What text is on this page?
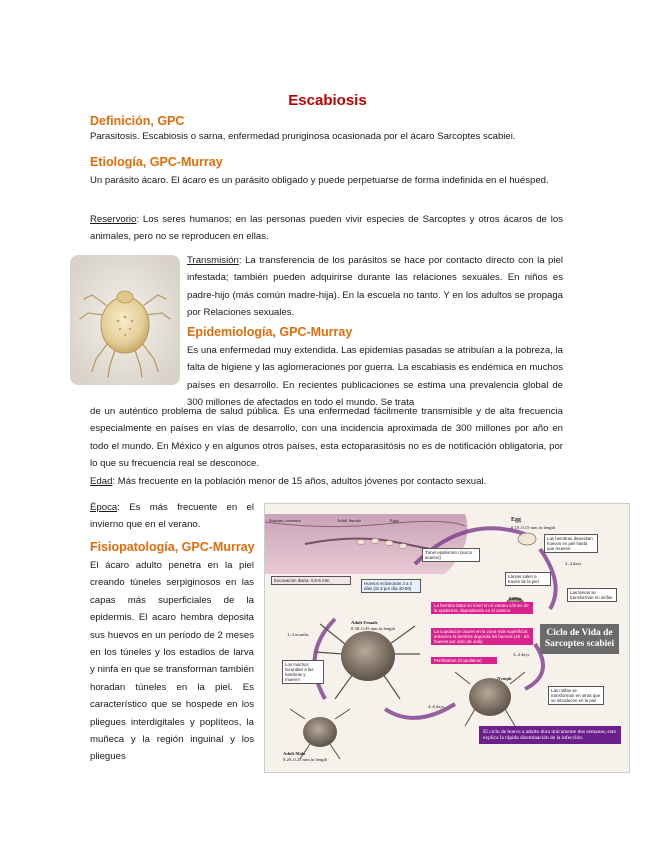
Escabiosis
Definición, GPC

Parasitosis. Escabiosis o sarna, enfermedad pruriginosa ocasionada por el ácaro Sarcoptes scabiei.

Etiología, GPC-Murray

Un parásito ácaro. El ácaro es un parásito obligado y puede perpetuarse de forma indefinida en el huésped.

Reservorio: Los seres humanos; en las personas pueden vivir especies de Sarcoptes y otros ácaros de los animales, pero no se reproducen en ellas.

Transmisión: La transferencia de los parásitos se hace por contacto directo con la piel infestada; también pueden adquirirse durante las relaciones sexuales. En niños es padre-hijo (más común madre-hija). En la escuela no tanto. Y en los adultos se propaga por Relaciones sexuales.

Epidemiología, GPC-Murray

Es una enfermedad muy extendida. Las epidemias pasadas se atribuían a la pobreza, la falta de higiene y las aglomeraciones por guerra. La escabiasis es endémica en muchos países en desarrollo. En recientes publicaciones se estima una prevalencia global de 300 millones de afectados en todo el mundo. Se trata

de un auténtico problema de salud pública. Es una enfermedad fácilmente transmisible y de alta frecuencia especialmente en países en vías de desarrollo, con una incidencia aproximada de 300 millones por año en todo el mundo. En México y en algunos otros países, esta ectoparasitósis no es de notificación obligatoria, por lo que su frecuencia real se desconoce.

Edad: Más frecuente en la población menor de 15 años, adultos jóvenes por contacto sexual.

Época: Es más frecuente en el invierno que en el verano.

Fisiopatología, GPC-Murray

El ácaro adulto penetra en la piel creando túneles serpiginosos en las capas más superficiales de la epidermis. El acaro hembra deposita sus huevos en un período de 2 meses en los túneles y los estadios de larva y ninfa en que se transforman también horadan túneles en la piel. Es característico que se hospede en los pliegues interdigitales y poplíteos, la muñeca y la región inguinal y los pliegues

Stratum corneum	Adult female	Eggs	Egg
0.10–0.15 mm in length
Túnel epidérmico (surco acarino)
Las hembras depositan huevos en piel hasta que mueren
Excavación diaria: 0,5-5 mm
Huevos eclosionan 3 a 4 días (Si 3 por día 40-50)
2–4 days
Larvas salen a través de la piel
Larva
Las larvas se transforman en ninfas
La hembra labra su túnel en el estrato córneo de la epidermis, depositando en el camino
La copulación ocurre en la zona más superficial; entonces la hembra deposita los huevos (40 - 50 huevos por ciclo de vida)
Fertilization (Copulation)
Adult Female
0.30–0.45 mm in length
1–3 months
3–4 days
Ciclo de Vida de Sarcoptes scabiei
Los machos fecundan a las hembras y mueren	Nymph
Las ninfas se transforman en otras que se introducen en la piel
4–6 days
Adult Male
0.20–0.25 mm in length
El ciclo de huevo a adulto dura únicamente dos semanas, esto explica la rápida diseminación de la infección.
